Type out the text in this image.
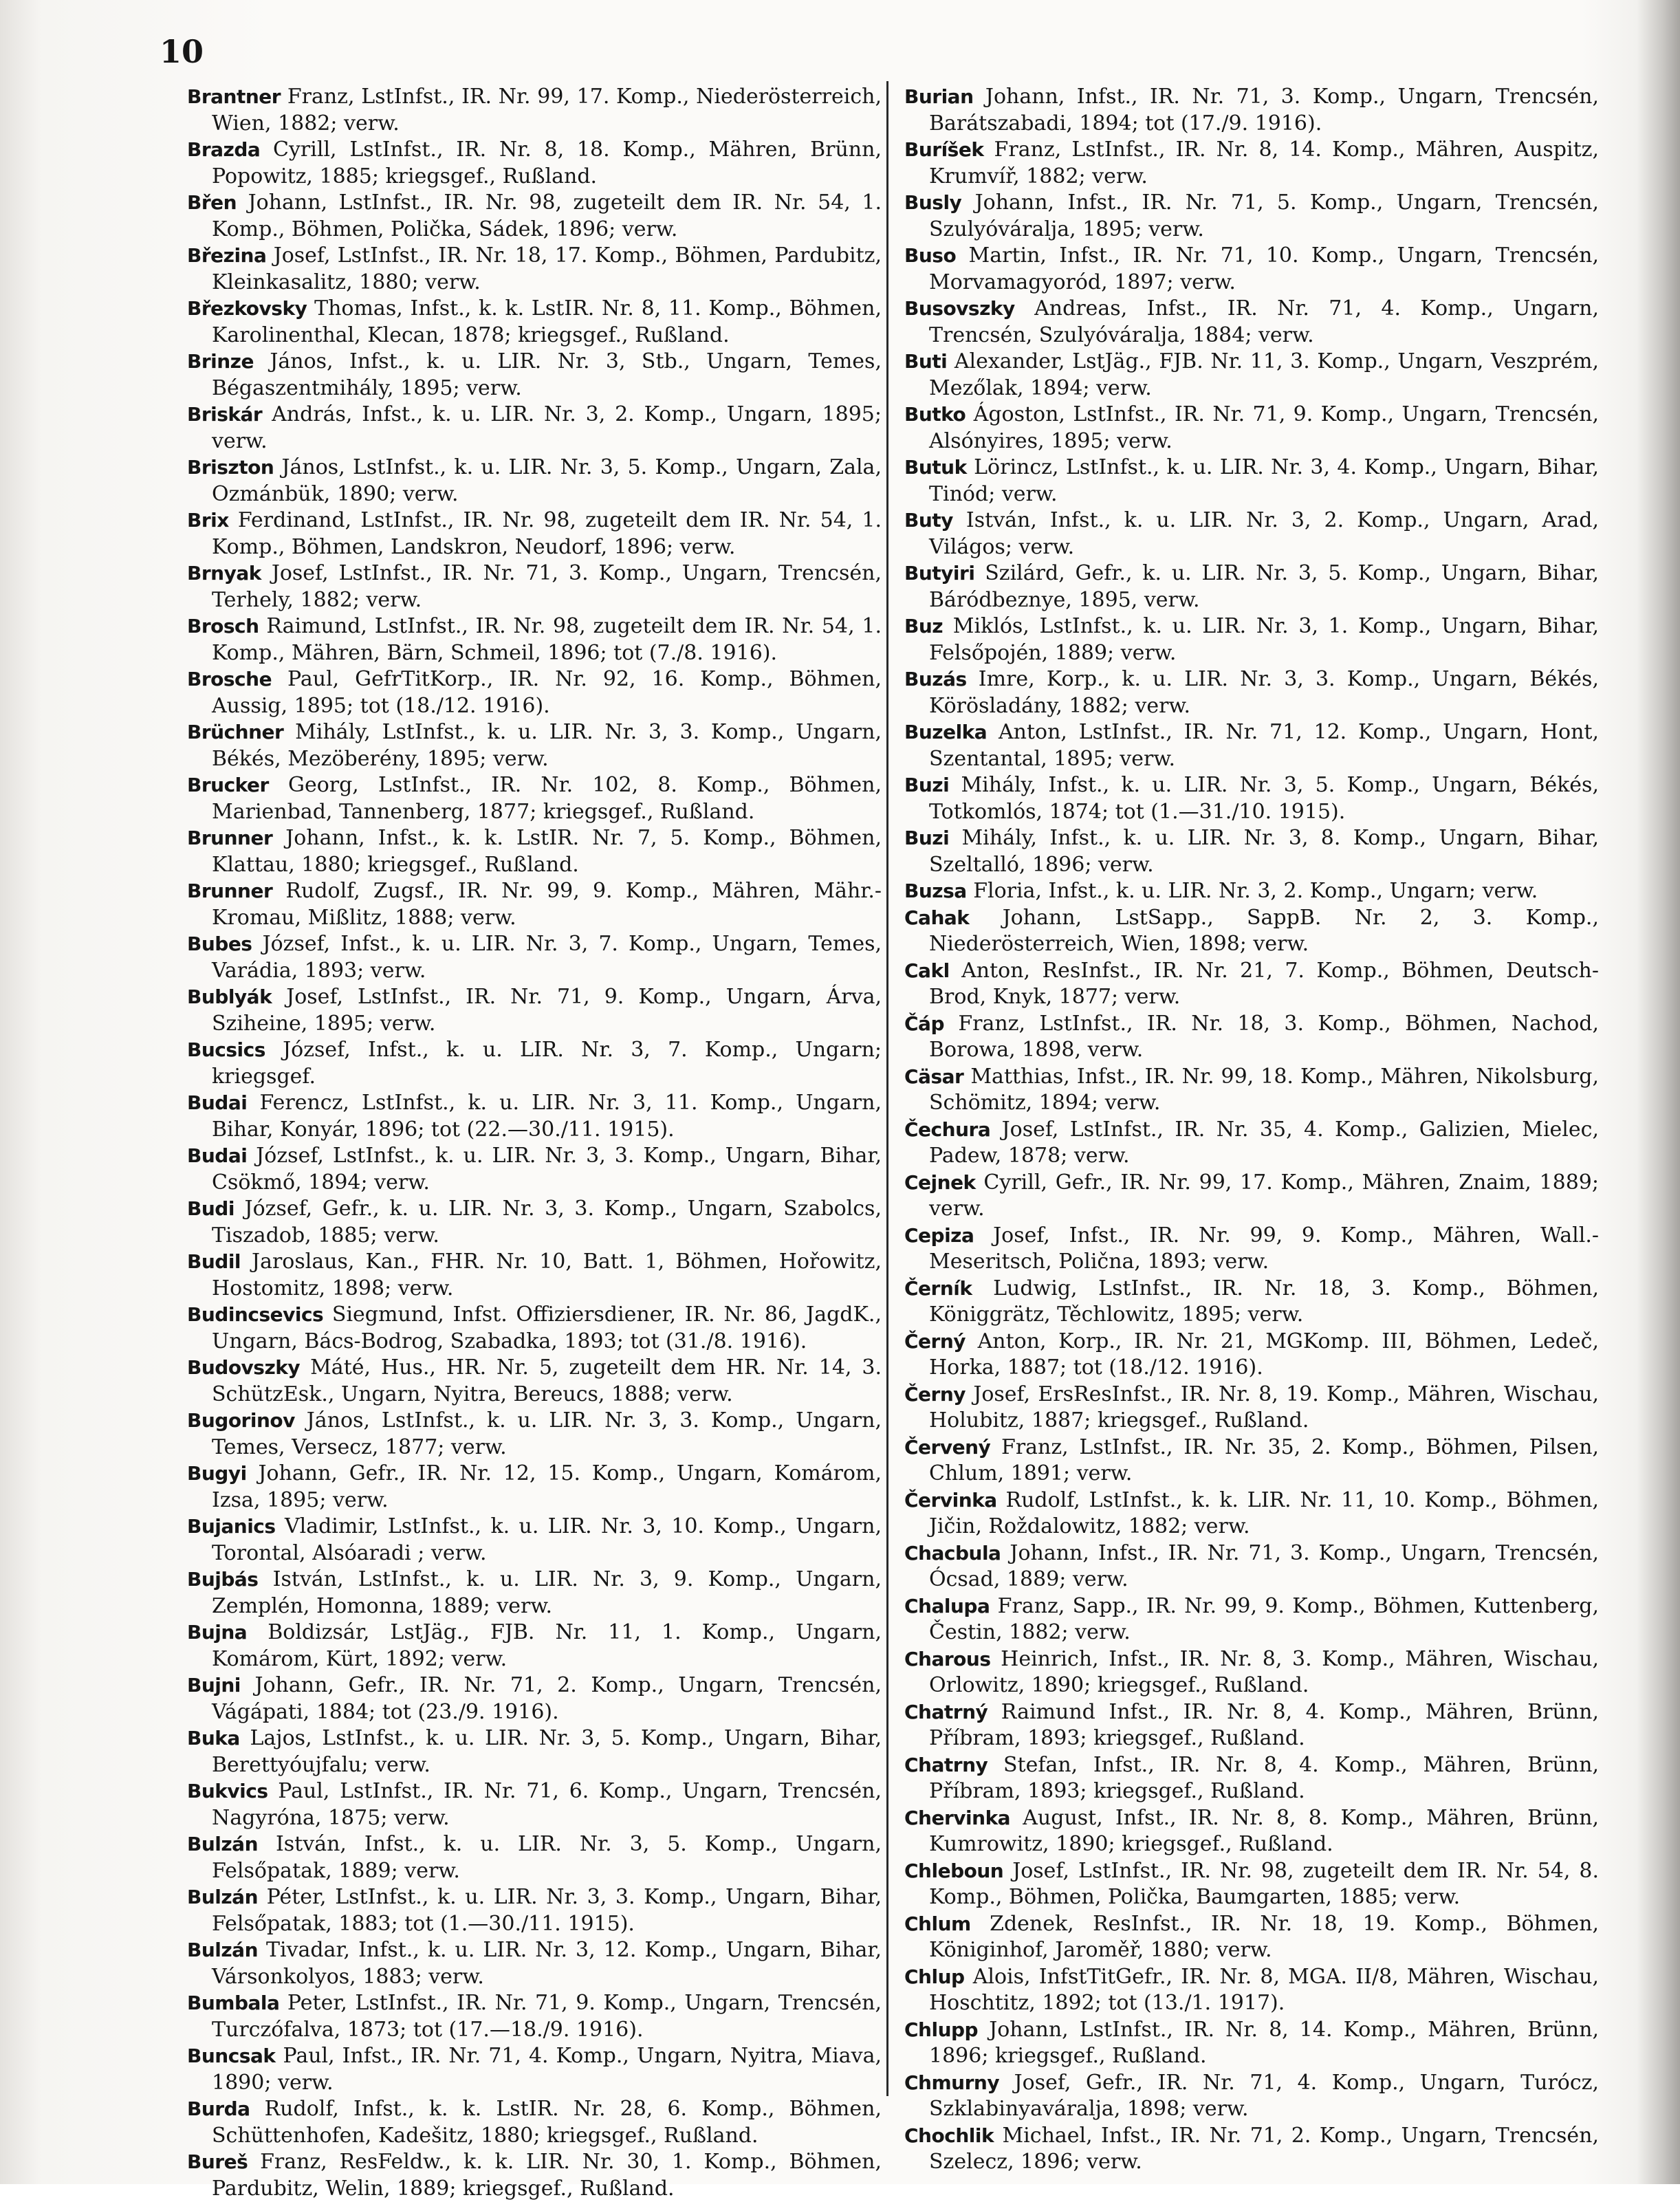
10
Brantner Franz, LstInfst., IR. Nr. 99, 17. Komp., Niederösterreich, Wien, 1882; verw.
Brazda Cyrill, LstInfst., IR. Nr. 8, 18. Komp., Mähren, Brünn, Popowitz, 1885; kriegsgef., Rußland.
Břen Johann, LstInfst., IR. Nr. 98, zugeteilt dem IR. Nr. 54, 1. Komp., Böhmen, Polička, Sádek, 1896; verw.
Březina Josef, LstInfst., IR. Nr. 18, 17. Komp., Böhmen, Pardubitz, Kleinkasalitz, 1880; verw.
Březkovsky Thomas, Infst., k. k. LstIR. Nr. 8, 11. Komp., Böhmen, Karolinenthal, Klecan, 1878; kriegsgef., Rußland.
Brinze János, Infst., k. u. LIR. Nr. 3, Stb., Ungarn, Temes, Bégaszentmihály, 1895; verw.
Briskár András, Infst., k. u. LIR. Nr. 3, 2. Komp., Ungarn, 1895; verw.
Briszton János, LstInfst., k. u. LIR. Nr. 3, 5. Komp., Ungarn, Zala, Ozmánbük, 1890; verw.
Brix Ferdinand, LstInfst., IR. Nr. 98, zugeteilt dem IR. Nr. 54, 1. Komp., Böhmen, Landskron, Neudorf, 1896; verw.
Brnyak Josef, LstInfst., IR. Nr. 71, 3. Komp., Ungarn, Trencsén, Terhely, 1882; verw.
Brosch Raimund, LstInfst., IR. Nr. 98, zugeteilt dem IR. Nr. 54, 1. Komp., Mähren, Bärn, Schmeil, 1896; tot (7./8. 1916).
Brosche Paul, GefrTitKorp., IR. Nr. 92, 16. Komp., Böhmen, Aussig, 1895; tot (18./12. 1916).
Brüchner Mihály, LstInfst., k. u. LIR. Nr. 3, 3. Komp., Ungarn, Békés, Mezöberény, 1895; verw.
Brucker Georg, LstInfst., IR. Nr. 102, 8. Komp., Böhmen, Marienbad, Tannenberg, 1877; kriegsgef., Rußland.
Brunner Johann, Infst., k. k. LstIR. Nr. 7, 5. Komp., Böhmen, Klattau, 1880; kriegsgef., Rußland.
Brunner Rudolf, Zugsf., IR. Nr. 99, 9. Komp., Mähren, Mähr.-Kromau, Mißlitz, 1888; verw.
Bubes József, Infst., k. u. LIR. Nr. 3, 7. Komp., Ungarn, Temes, Varádia, 1893; verw.
Bublyák Josef, LstInfst., IR. Nr. 71, 9. Komp., Ungarn, Árva, Sziheine, 1895; verw.
Bucsics József, Infst., k. u. LIR. Nr. 3, 7. Komp., Ungarn; kriegsgef.
Budai Ferencz, LstInfst., k. u. LIR. Nr. 3, 11. Komp., Ungarn, Bihar, Konyár, 1896; tot (22.—30./11. 1915).
Budai József, LstInfst., k. u. LIR. Nr. 3, 3. Komp., Ungarn, Bihar, Csökmő, 1894; verw.
Budi József, Gefr., k. u. LIR. Nr. 3, 3. Komp., Ungarn, Szabolcs, Tiszadob, 1885; verw.
Budil Jaroslaus, Kan., FHR. Nr. 10, Batt. 1, Böhmen, Hořowitz, Hostomitz, 1898; verw.
Budincsevics Siegmund, Infst. Offiziersdiener, IR. Nr. 86, JagdK., Ungarn, Bács-Bodrog, Szabadka, 1893; tot (31./8. 1916).
Budovszky Máté, Hus., HR. Nr. 5, zugeteilt dem HR. Nr. 14, 3. SchützEsk., Ungarn, Nyitra, Bereucs, 1888; verw.
Bugorinov János, LstInfst., k. u. LIR. Nr. 3, 3. Komp., Ungarn, Temes, Versecz, 1877; verw.
Bugyi Johann, Gefr., IR. Nr. 12, 15. Komp., Ungarn, Komárom, Izsa, 1895; verw.
Bujanics Vladimir, LstInfst., k. u. LIR. Nr. 3, 10. Komp., Ungarn, Torontal, Alsóaradi ; verw.
Bujbás István, LstInfst., k. u. LIR. Nr. 3, 9. Komp., Ungarn, Zemplén, Homonna, 1889; verw.
Bujna Boldizsár, LstJäg., FJB. Nr. 11, 1. Komp., Ungarn, Komárom, Kürt, 1892; verw.
Bujni Johann, Gefr., IR. Nr. 71, 2. Komp., Ungarn, Trencsén, Vágápati, 1884; tot (23./9. 1916).
Buka Lajos, LstInfst., k. u. LIR. Nr. 3, 5. Komp., Ungarn, Bihar, Berettyóujfalu; verw.
Bukvics Paul, LstInfst., IR. Nr. 71, 6. Komp., Ungarn, Trencsén, Nagyróna, 1875; verw.
Bulzán István, Infst., k. u. LIR. Nr. 3, 5. Komp., Ungarn, Felsőpatak, 1889; verw.
Bulzán Péter, LstInfst., k. u. LIR. Nr. 3, 3. Komp., Ungarn, Bihar, Felsőpatak, 1883; tot (1.—30./11. 1915).
Bulzán Tivadar, Infst., k. u. LIR. Nr. 3, 12. Komp., Ungarn, Bihar, Vársonkolyos, 1883; verw.
Bumbala Peter, LstInfst., IR. Nr. 71, 9. Komp., Ungarn, Trencsén, Turczófalva, 1873; tot (17.—18./9. 1916).
Buncsak Paul, Infst., IR. Nr. 71, 4. Komp., Ungarn, Nyitra, Miava, 1890; verw.
Burda Rudolf, Infst., k. k. LstIR. Nr. 28, 6. Komp., Böhmen, Schüttenhofen, Kadešitz, 1880; kriegsgef., Rußland.
Bureš Franz, ResFeldw., k. k. LIR. Nr. 30, 1. Komp., Böhmen, Pardubitz, Welin, 1889; kriegsgef., Rußland.
Burian Johann, Infst., IR. Nr. 71, 3. Komp., Ungarn, Trencsén, Barátszabadi, 1894; tot (17./9. 1916).
Buríšek Franz, LstInfst., IR. Nr. 8, 14. Komp., Mähren, Auspitz, Krumvíř, 1882; verw.
Busly Johann, Infst., IR. Nr. 71, 5. Komp., Ungarn, Trencsén, Szulyóváralja, 1895; verw.
Buso Martin, Infst., IR. Nr. 71, 10. Komp., Ungarn, Trencsén, Morvamagyoród, 1897; verw.
Busovszky Andreas, Infst., IR. Nr. 71, 4. Komp., Ungarn, Trencsén, Szulyóváralja, 1884; verw.
Buti Alexander, LstJäg., FJB. Nr. 11, 3. Komp., Ungarn, Veszprém, Mezőlak, 1894; verw.
Butko Ágoston, LstInfst., IR. Nr. 71, 9. Komp., Ungarn, Trencsén, Alsónyires, 1895; verw.
Butuk Lörincz, LstInfst., k. u. LIR. Nr. 3, 4. Komp., Ungarn, Bihar, Tinód; verw.
Buty István, Infst., k. u. LIR. Nr. 3, 2. Komp., Ungarn, Arad, Világos; verw.
Butyiri Szilárd, Gefr., k. u. LIR. Nr. 3, 5. Komp., Ungarn, Bihar, Báródbeznye, 1895, verw.
Buz Miklós, LstInfst., k. u. LIR. Nr. 3, 1. Komp., Ungarn, Bihar, Felsőpojén, 1889; verw.
Buzás Imre, Korp., k. u. LIR. Nr. 3, 3. Komp., Ungarn, Békés, Körösladány, 1882; verw.
Buzelka Anton, LstInfst., IR. Nr. 71, 12. Komp., Ungarn, Hont, Szentantal, 1895; verw.
Buzi Mihály, Infst., k. u. LIR. Nr. 3, 5. Komp., Ungarn, Békés, Totkomlós, 1874; tot (1.—31./10. 1915).
Buzi Mihály, Infst., k. u. LIR. Nr. 3, 8. Komp., Ungarn, Bihar, Szeltalló, 1896; verw.
Buzsa Floria, Infst., k. u. LIR. Nr. 3, 2. Komp., Ungarn; verw.
Cahak Johann, LstSapp., SappB. Nr. 2, 3. Komp., Niederösterreich, Wien, 1898; verw.
Cakl Anton, ResInfst., IR. Nr. 21, 7. Komp., Böhmen, Deutsch-Brod, Knyk, 1877; verw.
Čáp Franz, LstInfst., IR. Nr. 18, 3. Komp., Böhmen, Nachod, Borowa, 1898, verw.
Cäsar Matthias, Infst., IR. Nr. 99, 18. Komp., Mähren, Nikolsburg, Schömitz, 1894; verw.
Čechura Josef, LstInfst., IR. Nr. 35, 4. Komp., Galizien, Mielec, Padew, 1878; verw.
Cejnek Cyrill, Gefr., IR. Nr. 99, 17. Komp., Mähren, Znaim, 1889; verw.
Cepiza Josef, Infst., IR. Nr. 99, 9. Komp., Mähren, Wall.-Meseritsch, Polična, 1893; verw.
Černík Ludwig, LstInfst., IR. Nr. 18, 3. Komp., Böhmen, Königgrätz, Těchlowitz, 1895; verw.
Černý Anton, Korp., IR. Nr. 21, MGKomp. III, Böhmen, Ledeč, Horka, 1887; tot (18./12. 1916).
Černy Josef, ErsResInfst., IR. Nr. 8, 19. Komp., Mähren, Wischau, Holubitz, 1887; kriegsgef., Rußland.
Červený Franz, LstInfst., IR. Nr. 35, 2. Komp., Böhmen, Pilsen, Chlum, 1891; verw.
Červinka Rudolf, LstInfst., k. k. LIR. Nr. 11, 10. Komp., Böhmen, Jičin, Roždalowitz, 1882; verw.
Chacbula Johann, Infst., IR. Nr. 71, 3. Komp., Ungarn, Trencsén, Ócsad, 1889; verw.
Chalupa Franz, Sapp., IR. Nr. 99, 9. Komp., Böhmen, Kuttenberg, Čestin, 1882; verw.
Charous Heinrich, Infst., IR. Nr. 8, 3. Komp., Mähren, Wischau, Orlowitz, 1890; kriegsgef., Rußland.
Chatrný Raimund Infst., IR. Nr. 8, 4. Komp., Mähren, Brünn, Příbram, 1893; kriegsgef., Rußland.
Chatrny Stefan, Infst., IR. Nr. 8, 4. Komp., Mähren, Brünn, Příbram, 1893; kriegsgef., Rußland.
Chervinka August, Infst., IR. Nr. 8, 8. Komp., Mähren, Brünn, Kumrowitz, 1890; kriegsgef., Rußland.
Chleboun Josef, LstInfst., IR. Nr. 98, zugeteilt dem IR. Nr. 54, 8. Komp., Böhmen, Polička, Baumgarten, 1885; verw.
Chlum Zdenek, ResInfst., IR. Nr. 18, 19. Komp., Böhmen, Königinhof, Jaroměř, 1880; verw.
Chlup Alois, InfstTitGefr., IR. Nr. 8, MGA. II/8, Mähren, Wischau, Hoschtitz, 1892; tot (13./1. 1917).
Chlupp Johann, LstInfst., IR. Nr. 8, 14. Komp., Mähren, Brünn, 1896; kriegsgef., Rußland.
Chmurny Josef, Gefr., IR. Nr. 71, 4. Komp., Ungarn, Turócz, Szklabinyaváralja, 1898; verw.
Chochlik Michael, Infst., IR. Nr. 71, 2. Komp., Ungarn, Trencsén, Szelecz, 1896; verw.
